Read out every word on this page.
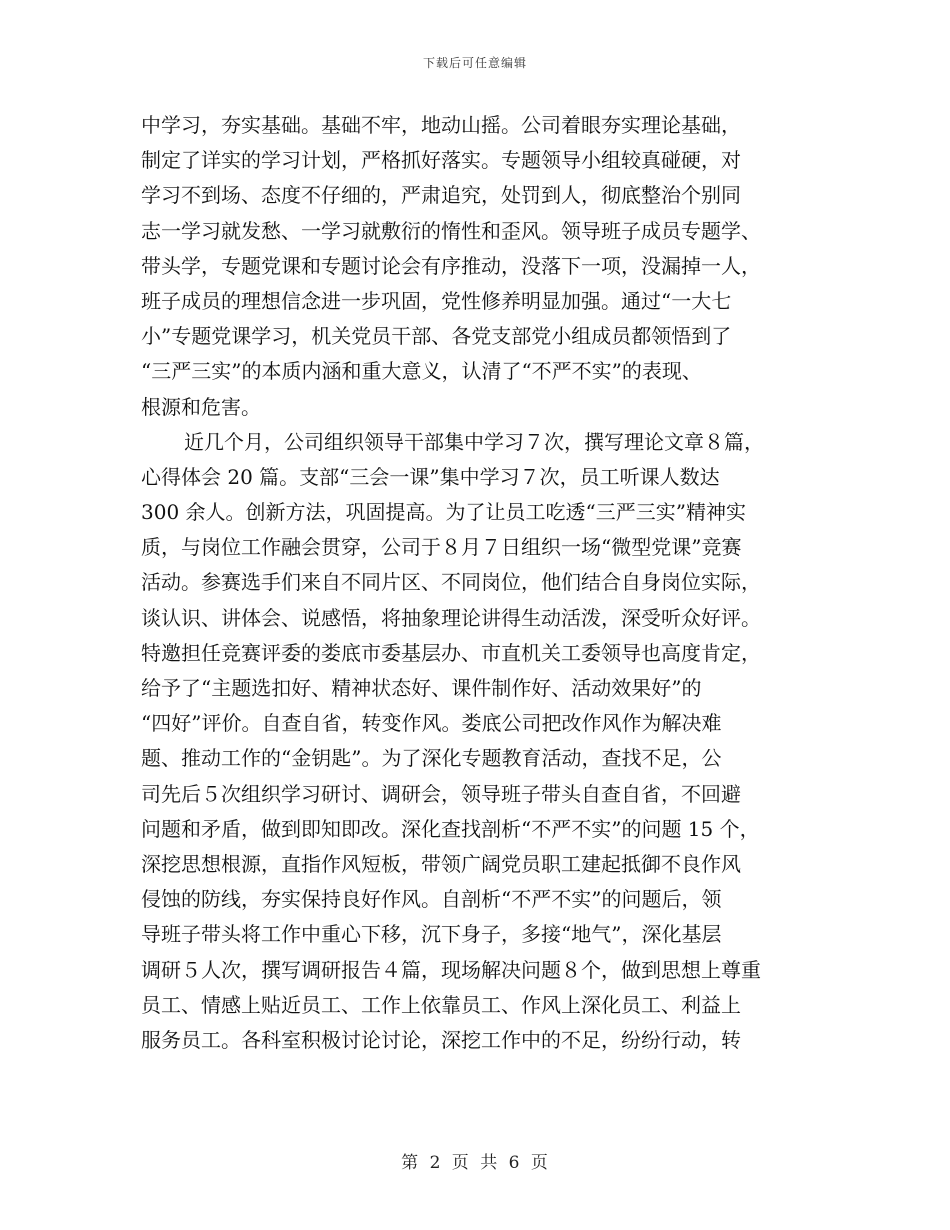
下载后可任意编辑
中学习，夯实基础。基础不牢，地动山摇。公司着眼夯实理论基础，
制定了详实的学习计划，严格抓好落实。专题领导小组较真碰硬，对
学习不到场、态度不仔细的，严肃追究，处罚到人，彻底整治个别同
志一学习就发愁、一学习就敷衍的惰性和歪风。领导班子成员专题学、
带头学，专题党课和专题讨论会有序推动，没落下一项，没漏掉一人，
班子成员的理想信念进一步巩固，党性修养明显加强。通过“一大七
小”专题党课学习，机关党员干部、各党支部党小组成员都领悟到了
“三严三实”的本质内涵和重大意义，认清了“不严不实”的表现、
根源和危害。
近几个月，公司组织领导干部集中学习７次，撰写理论文章８篇，
心得体会 20 篇。支部“三会一课”集中学习７次，员工听课人数达
300 余人。创新方法，巩固提高。为了让员工吃透“三严三实”精神实
质，与岗位工作融会贯穿，公司于８月７日组织一场“微型党课”竞赛
活动。参赛选手们来自不同片区、不同岗位，他们结合自身岗位实际，
谈认识、讲体会、说感悟，将抽象理论讲得生动活泼，深受听众好评。
特邀担任竞赛评委的娄底市委基层办、市直机关工委领导也高度肯定，
给予了“主题选扣好、精神状态好、课件制作好、活动效果好”的
“四好”评价。自查自省，转变作风。娄底公司把改作风作为解决难
题、推动工作的“金钥匙”。为了深化专题教育活动，查找不足，公
司先后５次组织学习研讨、调研会，领导班子带头自查自省，不回避
问题和矛盾，做到即知即改。深化查找剖析“不严不实”的问题 15 个，
深挖思想根源，直指作风短板，带领广阔党员职工建起抵御不良作风
侵蚀的防线，夯实保持良好作风。自剖析“不严不实”的问题后，领
导班子带头将工作中重心下移，沉下身子，多接“地气”，深化基层
调研５人次，撰写调研报告４篇，现场解决问题８个，做到思想上尊重
员工、情感上贴近员工、工作上依靠员工、作风上深化员工、利益上
服务员工。各科室积极讨论讨论，深挖工作中的不足，纷纷行动，转
第 2 页 共 6 页
